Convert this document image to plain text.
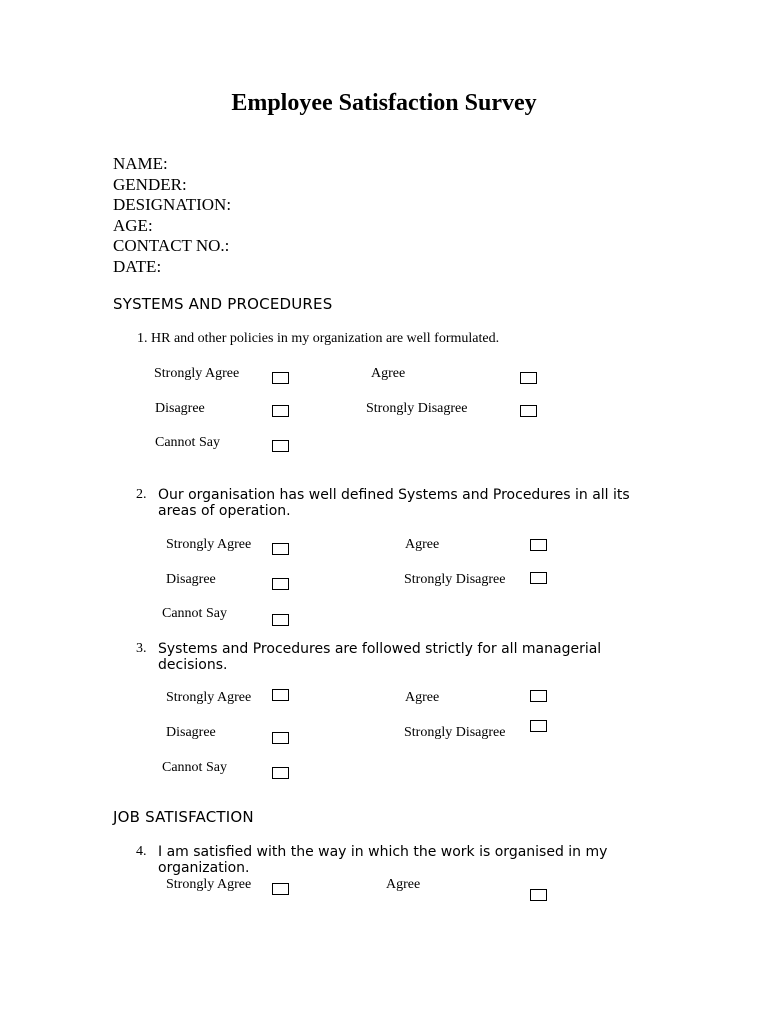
Employee Satisfaction Survey
NAME:
GENDER:
DESIGNATION:
AGE:
CONTACT NO.:
DATE:
SYSTEMS AND PROCEDURES
1. HR and other policies in my organization are well formulated.
Strongly Agree	Agree
Disagree	Strongly Disagree
Cannot Say
2. Our organisation has well defined Systems and Procedures in all its
areas of operation.
Strongly Agree	Agree
Disagree	Strongly Disagree
Cannot Say
3. Systems and Procedures are followed strictly for all managerial
decisions.
Strongly Agree	Agree
Disagree	Strongly Disagree
Cannot Say
JOB SATISFACTION
4. I am satisfied with the way in which the work is organised in my
organization.
Strongly Agree	Agree
